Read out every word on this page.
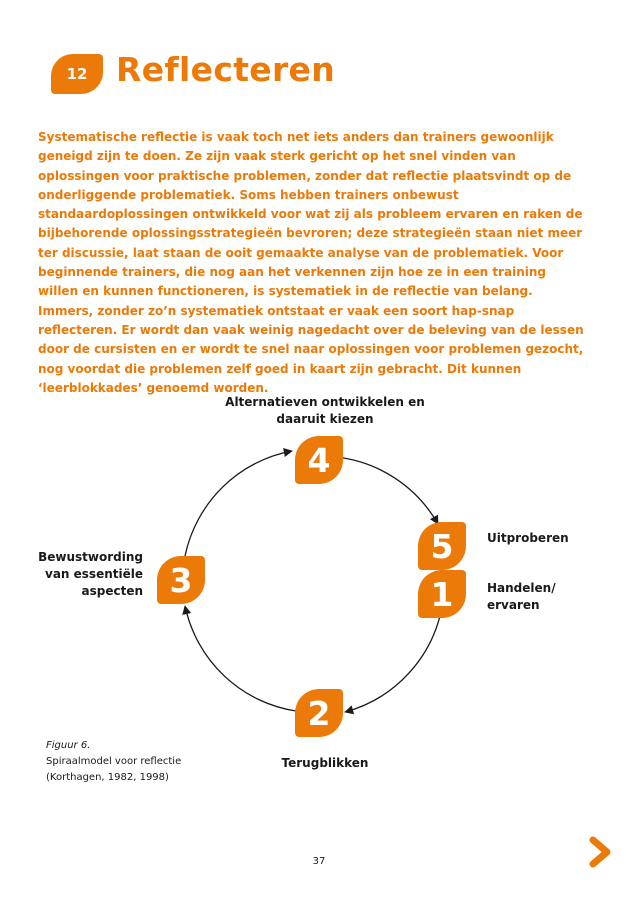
12 Reflecteren

Systematische reflectie is vaak toch net iets anders dan trainers gewoonlijk geneigd zijn te doen. Ze zijn vaak sterk gericht op het snel vinden van oplossingen voor praktische problemen, zonder dat reflectie plaatsvindt op de onderliggende problematiek. Soms hebben trainers onbewust standaardoplossingen ontwikkeld voor wat zij als probleem ervaren en raken de bijbehorende oplossingsstrategieën bevroren; deze strategieën staan niet meer ter discussie, laat staan de ooit gemaakte analyse van de problematiek. Voor beginnende trainers, die nog aan het verkennen zijn hoe ze in een training willen en kunnen functioneren, is systematiek in de reflectie van belang. Immers, zonder zo’n systematiek ontstaat er vaak een soort hap-snap reflecteren. Er wordt dan vaak weinig nagedacht over de beleving van de lessen door de cursisten en er wordt te snel naar oplossingen voor problemen gezocht, nog voordat die problemen zelf goed in kaart zijn gebracht. Dit kunnen ‘leerblokkades’ genoemd worden.

4
5
1
2
3
Alternatieven ontwikkelen en
daaruit kiezen
Uitproberen
Handelen/
ervaren
Terugblikken
Bewustwording
van essentiële
aspecten
Figuur 6.
Spiraalmodel voor reflectie
(Korthagen, 1982, 1998)
37
